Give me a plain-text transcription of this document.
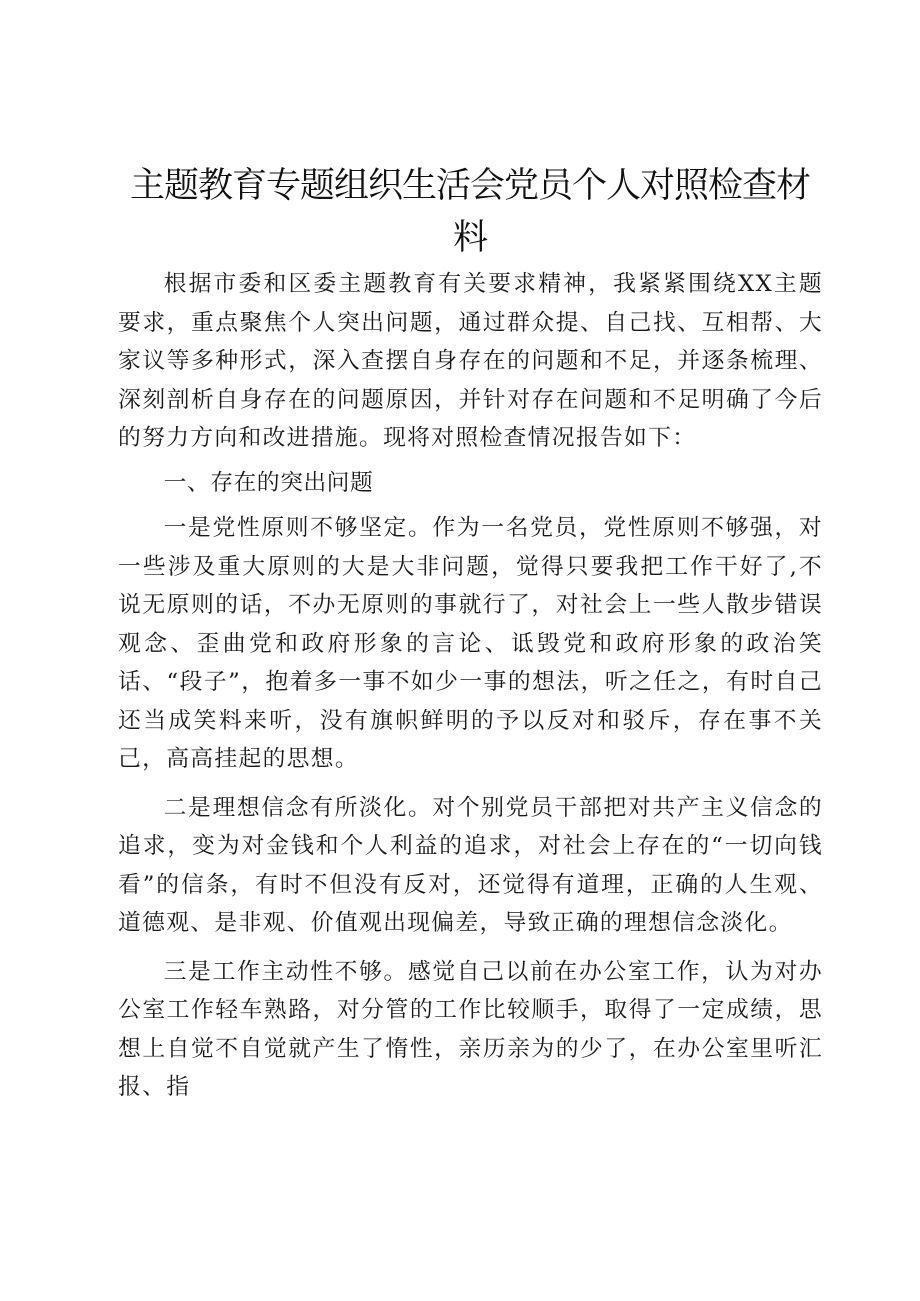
主题教育专题组织生活会党员个人对照检查材
料

根据市委和区委主题教育有关要求精神，我紧紧围绕XX主题要求，重点聚焦个人突出问题，通过群众提、自己找、互相帮、大家议等多种形式，深入查摆自身存在的问题和不足，并逐条梳理、深刻剖析自身存在的问题原因，并针对存在问题和不足明确了今后的努力方向和改进措施。现将对照检查情况报告如下：

一、存在的突出问题

一是党性原则不够坚定。作为一名党员，党性原则不够强，对一些涉及重大原则的大是大非问题，觉得只要我把工作干好了,不说无原则的话，不办无原则的事就行了，对社会上一些人散步错误观念、歪曲党和政府形象的言论、诋毁党和政府形象的政治笑话、“段子”，抱着多一事不如少一事的想法，听之任之，有时自己还当成笑料来听，没有旗帜鲜明的予以反对和驳斥，存在事不关己，高高挂起的思想。

二是理想信念有所淡化。对个别党员干部把对共产主义信念的追求，变为对金钱和个人利益的追求，对社会上存在的“一切向钱看”的信条，有时不但没有反对，还觉得有道理，正确的人生观、道德观、是非观、价值观出现偏差，导致正确的理想信念淡化。

三是工作主动性不够。感觉自己以前在办公室工作，认为对办公室工作轻车熟路，对分管的工作比较顺手，取得了一定成绩，思想上自觉不自觉就产生了惰性，亲历亲为的少了，在办公室里听汇报、指
